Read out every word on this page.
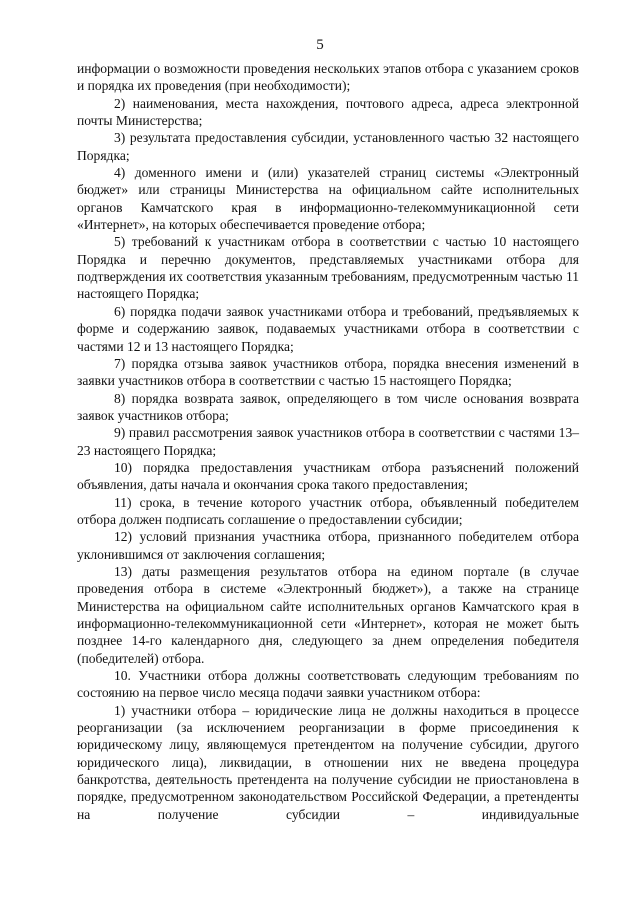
5

информации о возможности проведения нескольких этапов отбора с указанием сроков и порядка их проведения (при необходимости);

2) наименования, места нахождения, почтового адреса, адреса электронной почты Министерства;

3) результата предоставления субсидии, установленного частью 32 настоящего Порядка;

4) доменного имени и (или) указателей страниц системы «Электронный бюджет» или страницы Министерства на официальном сайте исполнительных органов Камчатского края в информационно-телекоммуникационной сети «Интернет», на которых обеспечивается проведение отбора;

5) требований к участникам отбора в соответствии с частью 10 настоящего Порядка и перечню документов, представляемых участниками отбора для подтверждения их соответствия указанным требованиям, предусмотренным частью 11 настоящего Порядка;

6) порядка подачи заявок участниками отбора и требований, предъявляемых к форме и содержанию заявок, подаваемых участниками отбора в соответствии с частями 12 и 13 настоящего Порядка;

7) порядка отзыва заявок участников отбора, порядка внесения изменений в заявки участников отбора в соответствии с частью 15 настоящего Порядка;

8) порядка возврата заявок, определяющего в том числе основания возврата заявок участников отбора;

9) правил рассмотрения заявок участников отбора в соответствии с частями 13–23 настоящего Порядка;

10) порядка предоставления участникам отбора разъяснений положений объявления, даты начала и окончания срока такого предоставления;

11) срока, в течение которого участник отбора, объявленный победителем отбора должен подписать соглашение о предоставлении субсидии;

12) условий признания участника отбора, признанного победителем отбора уклонившимся от заключения соглашения;

13) даты размещения результатов отбора на едином портале (в случае проведения отбора в системе «Электронный бюджет»), а также на странице Министерства на официальном сайте исполнительных органов Камчатского края в информационно-телекоммуникационной сети «Интернет», которая не может быть позднее 14-го календарного дня, следующего за днем определения победителя (победителей) отбора.

10. Участники отбора должны соответствовать следующим требованиям по состоянию на первое число месяца подачи заявки участником отбора:

1) участники отбора – юридические лица не должны находиться в процессе реорганизации (за исключением реорганизации в форме присоединения к юридическому лицу, являющемуся претендентом на получение субсидии, другого юридического лица), ликвидации, в отношении них не введена процедура банкротства, деятельность претендента на получение субсидии не приостановлена в порядке, предусмотренном законодательством Российской Федерации, а претенденты на получение субсидии – индивидуальные
